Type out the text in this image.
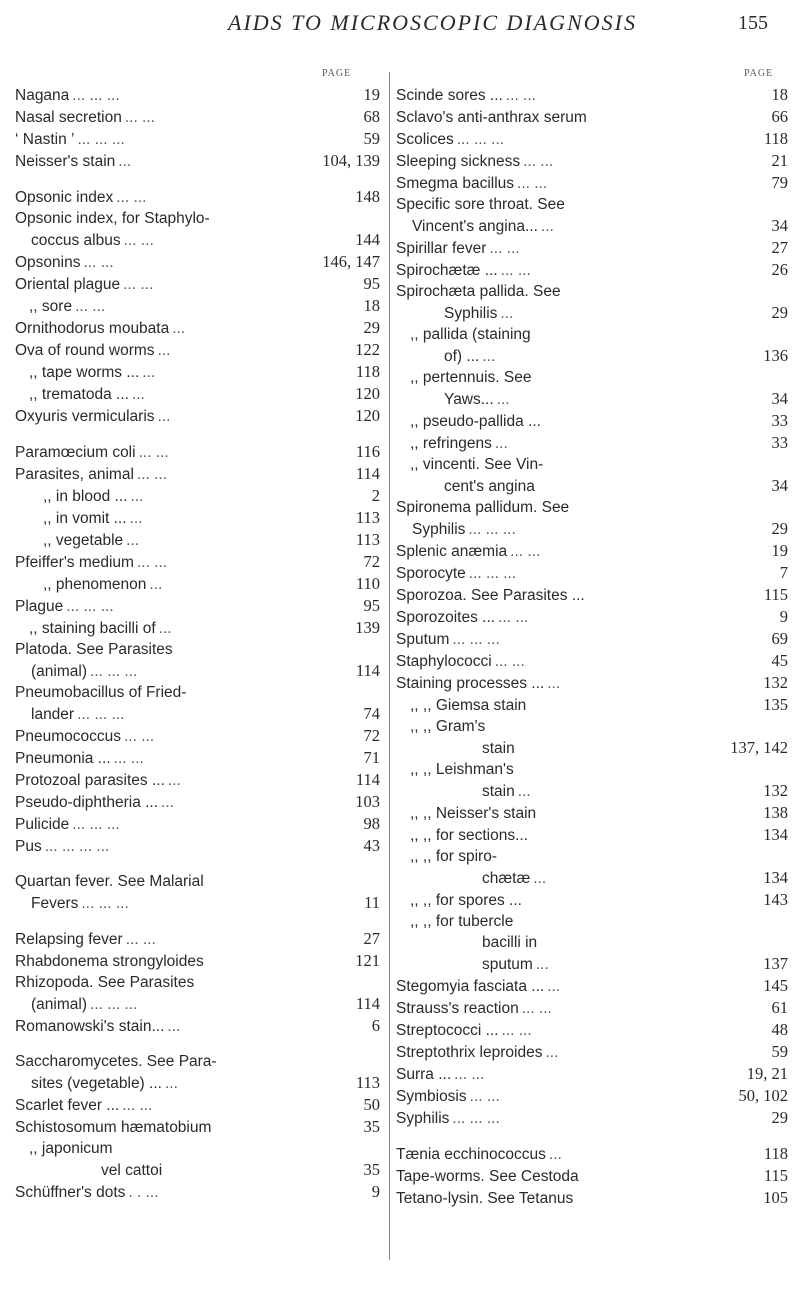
AIDS TO MICROSCOPIC DIAGNOSIS	155
PAGE	PAGE
Nagana ... ... ...	19
Nasal secretion ... ...	68
‘ Nastin ’ ... ... ...	59
Neisser's stain ...	104, 139
Opsonic index ... ...	148
Opsonic index, for Staphylo-
coccus albus ... ...	144
Opsonins ... ...	146, 147
Oriental plague ... ...	95
,, sore ... ...	18
Ornithodorus moubata ...	29
Ova of round worms ...	122
,, tape worms ... ...	118
,, trematoda ... ...	120
Oxyuris vermicularis ...	120
Paramœcium coli ... ...	116
Parasites, animal ... ...	114
,, in blood ... ...	2
,, in vomit ... ...	113
,, vegetable ...	113
Pfeiffer's medium ... ...	72
,, phenomenon ...	110
Plague ... ... ...	95
,, staining bacilli of ...	139
Platoda. See Parasites
(animal) ... ... ...	114
Pneumobacillus of Fried-
lander ... ... ...	74
Pneumococcus ... ...	72
Pneumonia ... ... ...	71
Protozoal parasites ... ...	114
Pseudo-diphtheria ... ...	103
Pulicide ... ... ...	98
Pus ... ... ... ...	43
Quartan fever. See Malarial
Fevers ... ... ...	11
Relapsing fever ... ...	27
Rhabdonema strongyloides	121
Rhizopoda. See Parasites
(animal) ... ... ...	114
Romanowski's stain... ...	6
Saccharomycetes. See Para-
sites (vegetable) ... ...	113
Scarlet fever ... ... ...	50
Schistosomum hæmatobium	35
,, japonicum
vel cattoi	35
Schüffner's dots . . ...	9
Scinde sores ... ... ...	18
Sclavo's anti-anthrax serum	66
Scolices ... ... ...	118
Sleeping sickness ... ...	21
Smegma bacillus ... ...	79
Specific sore throat. See
Vincent's angina... ...	34
Spirillar fever ... ...	27
Spirochætæ ... ... ...	26
Spirochæta pallida. See
Syphilis ...	29
,, pallida (staining
of) ... ...	136
,, pertennuis. See
Yaws... ...	34
,, pseudo-pallida ...	33
,, refringens ...	33
,, vincenti. See Vin-
cent's angina	34
Spironema pallidum. See
Syphilis ... ... ...	29
Splenic anæmia ... ...	19
Sporocyte ... ... ...	7
Sporozoa. See Parasites ...	115
Sporozoites ... ... ...	9
Sputum ... ... ...	69
Staphylococci ... ...	45
Staining processes ... ...	132
,, ,, Giemsa stain	135
,, ,, Gram's
stain	137, 142
,, ,, Leishman's
stain ...	132
,, ,, Neisser's stain	138
,, ,, for sections...	134
,, ,, for spiro-
chætæ ...	134
,, ,, for spores ...	143
,, ,, for tubercle
bacilli in
sputum ...	137
Stegomyia fasciata ... ...	145
Strauss's reaction ... ...	61
Streptococci ... ... ...	48
Streptothrix leproides ...	59
Surra ... ... ...	19, 21
Symbiosis ... ...	50, 102
Syphilis ... ... ...	29
Tænia ecchinococcus ...	118
Tape-worms. See Cestoda	115
Tetano-lysin. See Tetanus	105
